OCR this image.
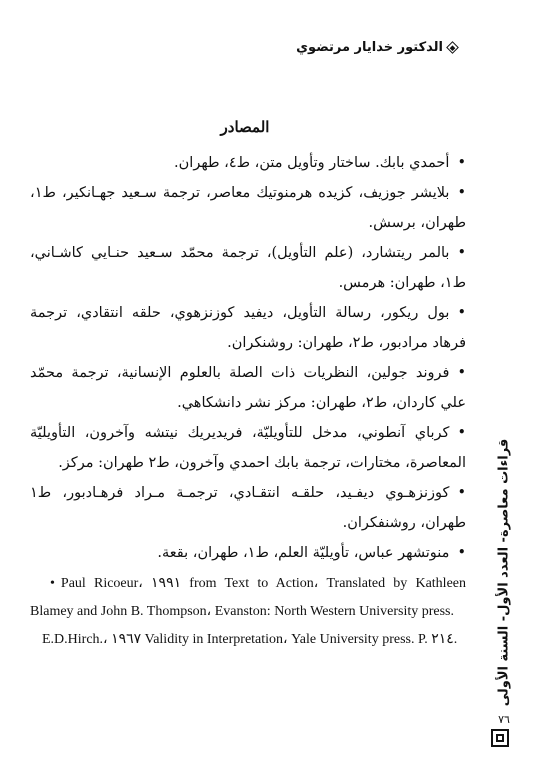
الدكتور خدايار مرتضوي
المصادر

•أحمدي بابك. ساختار وتأويل متن، ط٤، طهران.

•بلايشر جوزيف، كزيده هرمنوتيك معاصر، ترجمة سـعيد جهـانكير، ط١، طهران، برسش.

•بالمر ريتشارد، (علم التأويل)، ترجمة محمّد سـعيد حنـايي كاشـاني، ط١، طهران: هرمس.

•بول ريكور، رسالة التأويل، ديفيد كوزنزهوي، حلقه انتقادي، ترجمة فرهاد مرادبور، ط٢، طهران: روشنكران.

•فروند جولين، النظريات ذات الصلة بالعلوم الإنسانية، ترجمة محمّد علي كاردان، ط٢، طهران: مركز نشر دانشكاهي.

•كرباي آنطوني، مدخل للتأويليّة، فريديريك نيتشه وآخرون، التأويليّة المعاصرة، مختارات، ترجمة بابك احمدي وآخرون، ط٢ طهران: مركز.

•كوزنزهـوي ديفـيد، حلقـه انتقـادي، ترجمـة مـراد فرهـادبور، ط١ طهران، روشنفكران.

•منوتشهر عباس، تأويليّة العلم، ط١، طهران، بقعة.

• Paul Ricoeur، ١٩٩١ from Text to Action، Translated by Kathleen Blamey and John B. Thompson، Evanston: North Western University press.

E.D.Hirch.، ١٩٦٧ Validity in Interpretation، Yale University press. P. ٢١٤.	قراءات معاصرة- العدد الأول- السنة الأولى
٧٦
